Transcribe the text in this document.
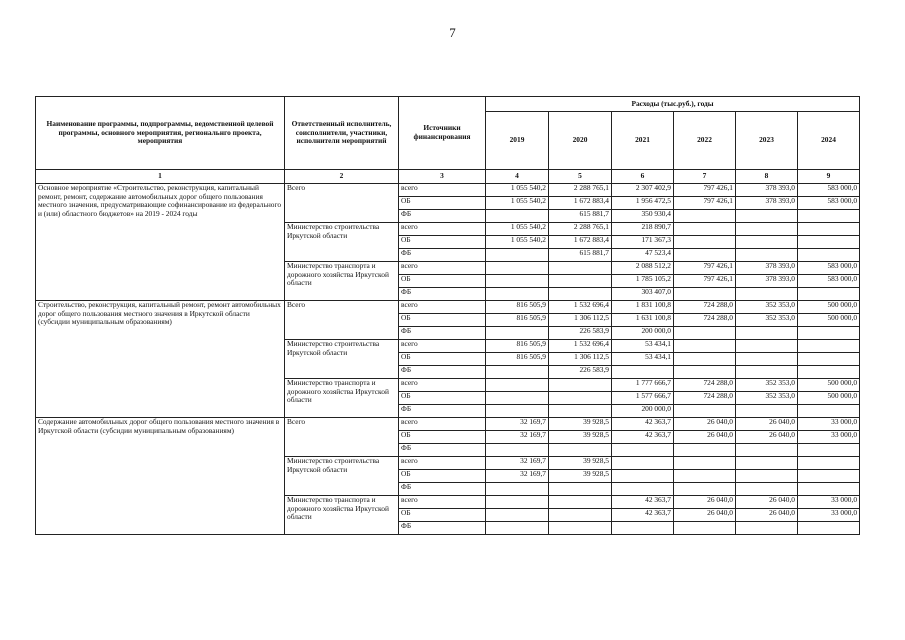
7
Наименование программы, подпрограммы, ведомственной целевой программы, основного мероприятия, региональнго проекта, мероприятия	Ответственный исполнитель, соисполнители, участники, исполнители мероприятий	Источники финансирования	Расходы (тыс.руб.), годы					
			2019	2020	2021	2022	2023	2024
1	2	3	4	5	6	7	8	9
Основное мероприятие «Строительство, реконструкция, капитальный ремонт, ремонт, содержание автомобильных дорог общего пользования местного значения, предусматривающие софинансирование из федерального и (или) областного бюджетов» на 2019 - 2024 годы	Всего	всего	1 055 540,2	2 288 765,1	2 307 402,9	797 426,1	378 393,0	583 000,0
		ОБ	1 055 540,2	1 672 883,4	1 956 472,5	797 426,1	378 393,0	583 000,0
		ФБ		615 881,7	350 930,4			
	Министерство строительства Иркутской области	всего	1 055 540,2	2 288 765,1	218 890,7			
		ОБ	1 055 540,2	1 672 883,4	171 367,3			
		ФБ		615 881,7	47 523,4			
	Министерство транспорта и дорожного хозяйства Иркутской области	всего			2 088 512,2	797 426,1	378 393,0	583 000,0
		ОБ			1 785 105,2	797 426,1	378 393,0	583 000,0
		ФБ			303 407,0			
Строительство, реконструкция, капитальный ремонт, ремонт автомобильных дорог общего пользования местного значения в Иркутской области (субсидии муниципальным образованиям)	Всего	всего	816 505,9	1 532 696,4	1 831 100,8	724 288,0	352 353,0	500 000,0
		ОБ	816 505,9	1 306 112,5	1 631 100,8	724 288,0	352 353,0	500 000,0
		ФБ		226 583,9	200 000,0			
	Министерство строительства Иркутской области	всего	816 505,9	1 532 696,4	53 434,1			
		ОБ	816 505,9	1 306 112,5	53 434,1			
		ФБ		226 583,9				
	Министерство транспорта и дорожного хозяйства Иркутской области	всего			1 777 666,7	724 288,0	352 353,0	500 000,0
		ОБ			1 577 666,7	724 288,0	352 353,0	500 000,0
		ФБ			200 000,0			
Содержание автомобильных дорог общего пользования местного значения в Иркутской области (субсидии муниципальным образованиям)	Всего	всего	32 169,7	39 928,5	42 363,7	26 040,0	26 040,0	33 000,0
		ОБ	32 169,7	39 928,5	42 363,7	26 040,0	26 040,0	33 000,0
		ФБ						
	Министерство строительства Иркутской области	всего	32 169,7	39 928,5				
		ОБ	32 169,7	39 928,5				
		ФБ						
	Министерство транспорта и дорожного хозяйства Иркутской области	всего			42 363,7	26 040,0	26 040,0	33 000,0
		ОБ			42 363,7	26 040,0	26 040,0	33 000,0
		ФБ						
